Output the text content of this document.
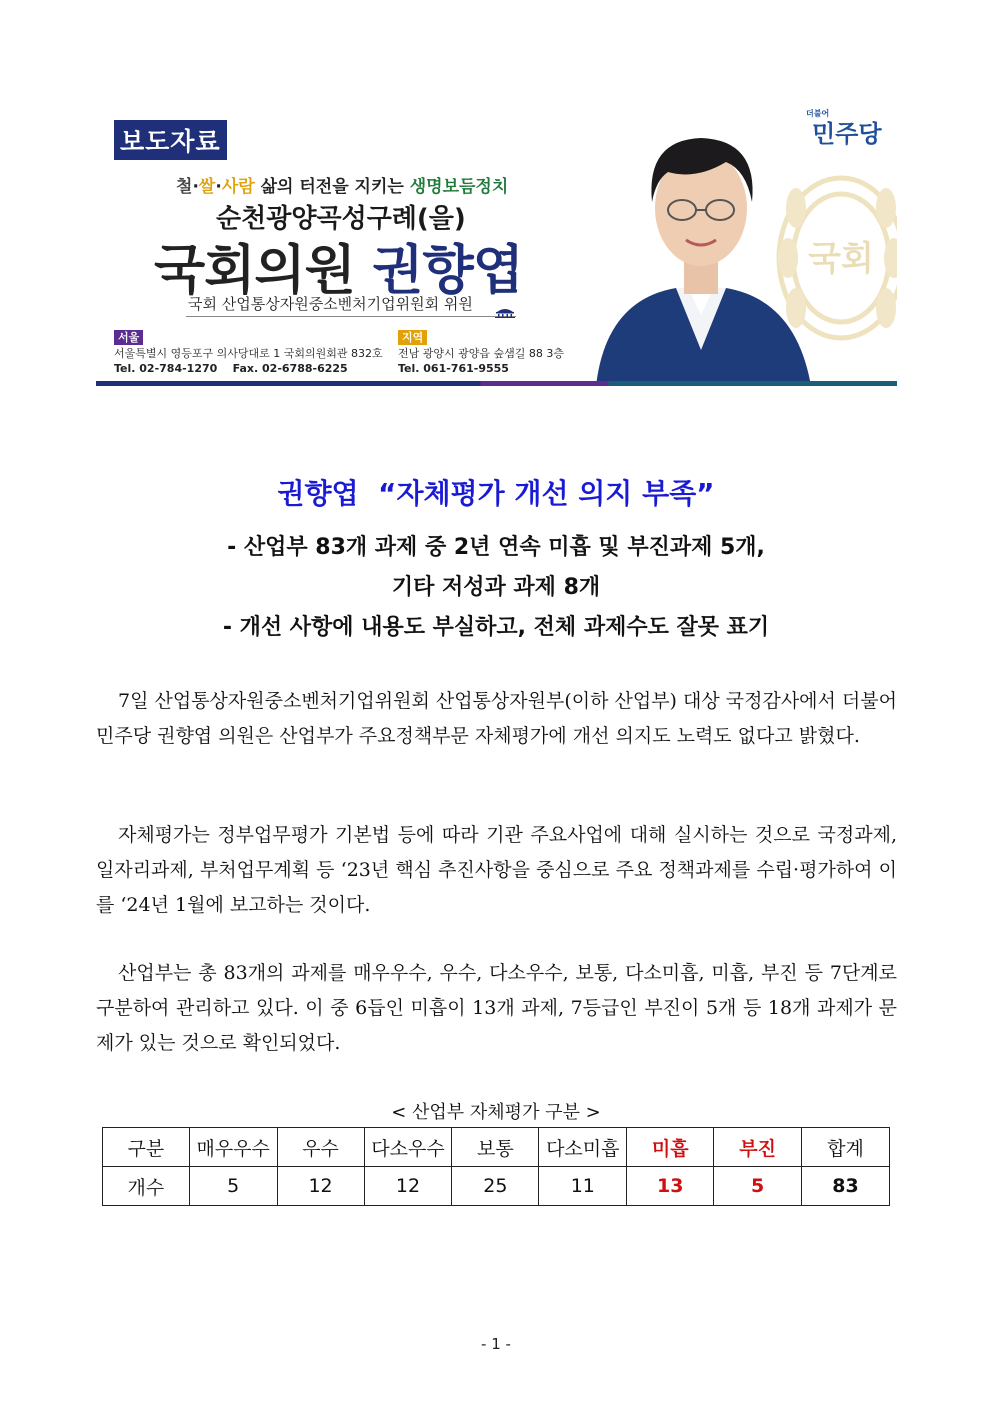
보도자료
철·쌀·사람 삶의 터전을 지키는 생명보듬정치
순천광양곡성구례(을)
국회의원 권향엽
국회 산업통상자원중소벤처기업위원회 위원
서울
서울특별시 영등포구 의사당대로 1 국회의원회관 832호
Tel. 02-784-1270    Fax. 02-6788-6225
지역
전남 광양시 광양읍 숲샘길 88 3층
Tel. 061-761-9555
국회
더불어
민주당
권향엽  “자체평가 개선 의지 부족”
- 산업부 83개 과제 중 2년 연속 미흡 및 부진과제 5개,
기타 저성과 과제 8개
- 개선 사항에 내용도 부실하고, 전체 과제수도 잘못 표기
7일 산업통상자원중소벤처기업위원회 산업통상자원부(이하 산업부) 대상 국정감사에서 더불어민주당 권향엽 의원은 산업부가 주요정책부문 자체평가에 개선 의지도 노력도 없다고 밝혔다.
자체평가는 정부업무평가 기본법 등에 따라 기관 주요사업에 대해 실시하는 것으로 국정과제, 일자리과제, 부처업무계획 등 ‘23년 핵심 추진사항을 중심으로 주요 정책과제를 수립·평가하여 이를 ‘24년 1월에 보고하는 것이다.
산업부는 총 83개의 과제를 매우우수, 우수, 다소우수, 보통, 다소미흡, 미흡, 부진 등 7단계로 구분하여 관리하고 있다. 이 중 6듭인 미흡이 13개 과제, 7등급인 부진이 5개 등 18개 과제가 문제가 있는 것으로 확인되었다.
< 산업부 자체평가 구분 >
구분	매우우수	우수	다소우수	보통	다소미흡	미흡	부진	합계
개수	5	12	12	25	11	13	5	83
- 1 -
